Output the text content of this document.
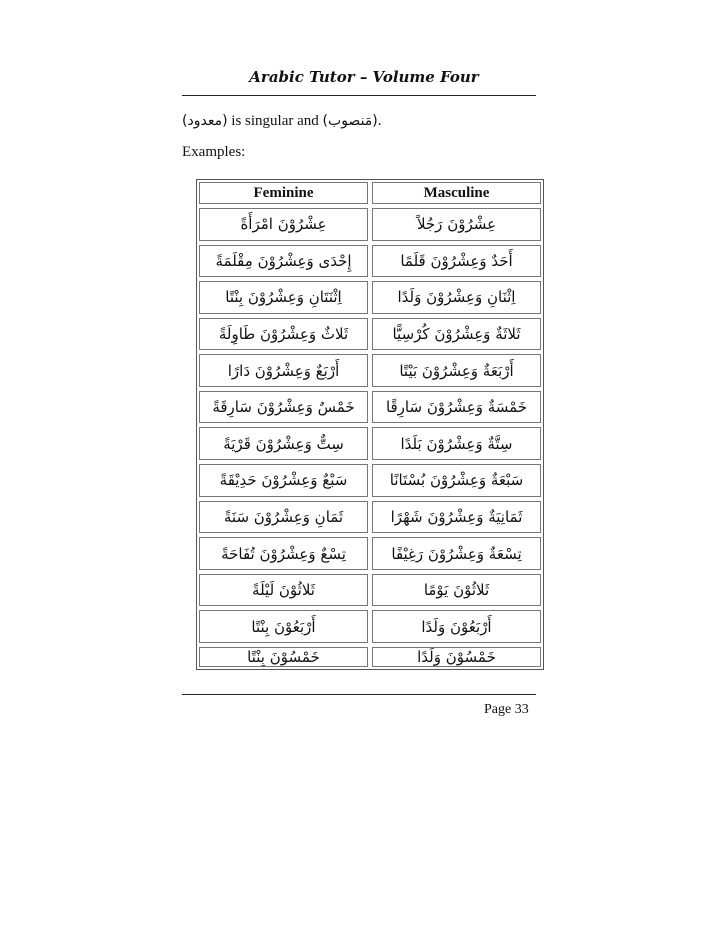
Arabic Tutor – Volume Four
(معدود) is singular and (مَنصوب).
Examples:
Feminine	Masculine
عِشْرُوْنَ امْرَأَةً	عِشْرُوْنَ رَجُلاً
إِحْدَى وَعِشْرُوْنَ مِقْلَمَةً	أَحَدٌ وَعِشْرُوْنَ قَلَمًا
اِثْنَتَانِ وَعِشْرُوْنَ بِنْتًا	اِثْنَانِ وَعِشْرُوْنَ وَلَدًا
ثَلاثٌ وَعِشْرُوْنَ طَاوِلَةً	ثَلاثَةٌ وَعِشْرُوْنَ كُرْسِيًّا
أَرْبَعٌ وَعِشْرُوْنَ دَارًا	أَرْبَعَةٌ وَعِشْرُوْنَ بَيْتًا
خَمْسٌ وَعِشْرُوْنَ سَارِقَةً	خَمْسَةٌ وَعِشْرُوْنَ سَارِقًا
سِتٌّ وَعِشْرُوْنَ قَرْيَةً	سِتَّةٌ وَعِشْرُوْنَ بَلَدًا
سَبْعٌ وَعِشْرُوْنَ حَدِيْقَةً	سَبْعَةٌ وَعِشْرُوْنَ بُسْتَانًا
ثَمَانِ وَعِشْرُوْنَ سَنَةً	ثَمَانِيَةٌ وَعِشْرُوْنَ شَهْرًا
تِسْعٌ وَعِشْرُوْنَ تُفَاحَةً	تِسْعَةٌ وَعِشْرُوْنَ رَغِيْفًا
ثَلاثُوْنَ لَيْلَةً	ثَلاثُوْنَ يَوْمًا
أَرْبَعُوْنَ بِنْتًا	أَرْبَعُوْنَ وَلَدًا
خَمْسُوْنَ بِنْتًا	خَمْسُوْنَ وَلَدًا
Page 33
